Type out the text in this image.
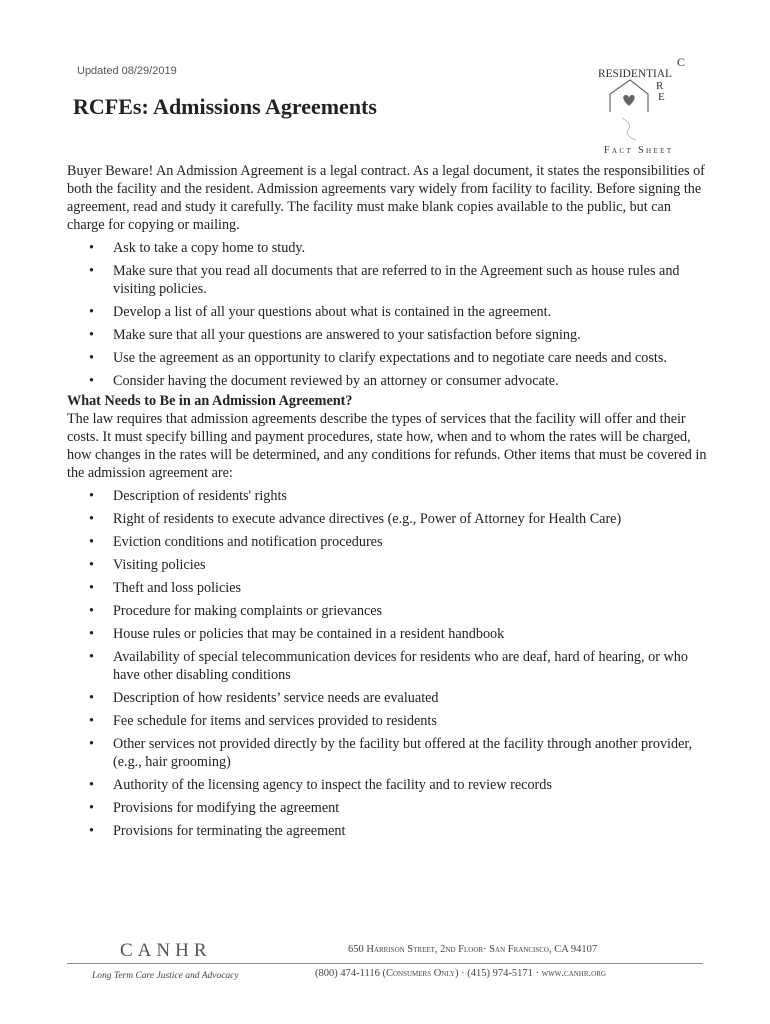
Updated 08/29/2019
RCFEs: Admissions Agreements
C
RESIDENTIAL
R
E
Fact Sheet

Buyer Beware! An Admission Agreement is a legal contract. As a legal document, it states the responsibilities of both the facility and the resident. Admission agreements vary widely from facility to facility. Before signing the agreement, read and study it carefully. The facility must make blank copies available to the public, but can charge for copying or mailing.

• Ask to take a copy home to study.
• Make sure that you read all documents that are referred to in the Agreement such as house rules and visiting policies.
• Develop a list of all your questions about what is contained in the agreement.
• Make sure that all your questions are answered to your satisfaction before signing.
• Use the agreement as an opportunity to clarify expectations and to negotiate care needs and costs.
• Consider having the document reviewed by an attorney or consumer advocate.

What Needs to Be in an Admission Agreement?

The law requires that admission agreements describe the types of services that the facility will offer and their costs. It must specify billing and payment procedures, state how, when and to whom the rates will be charged, how changes in the rates will be determined, and any conditions for refunds. Other items that must be covered in the admission agreement are:

• Description of residents' rights
• Right of residents to execute advance directives (e.g., Power of Attorney for Health Care)
• Eviction conditions and notification procedures
• Visiting policies
• Theft and loss policies
• Procedure for making complaints or grievances
• House rules or policies that may be contained in a resident handbook
• Availability of special telecommunication devices for residents who are deaf, hard of hearing, or who have other disabling conditions
• Description of how residents’ service needs are evaluated
• Fee schedule for items and services provided to residents
• Other services not provided directly by the facility but offered at the facility through another provider, (e.g., hair grooming)
• Authority of the licensing agency to inspect the facility and to review records
• Provisions for modifying the agreement
• Provisions for terminating the agreement
CANHR	650 Harrison Street, 2nd Floor· San Francisco, CA 94107
Long Term Care Justice and Advocacy	(800) 474-1116 (Consumers Only) · (415) 974-5171 · www.canhr.org
